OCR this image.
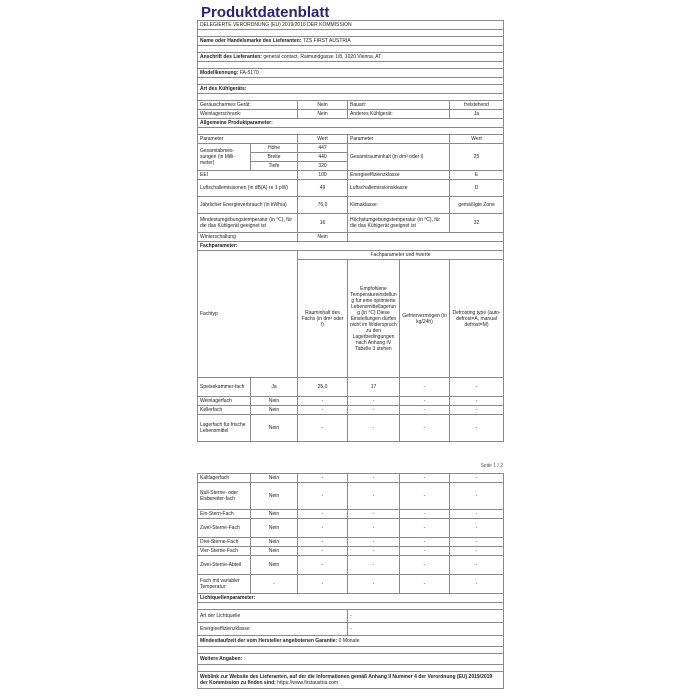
Produktdatenblatt
DELEGIERTE VERORDNUNG (EU) 2019/2016 DER KOMMISSION					

Name oder Handelsmarke des Lieferanten: TZS FIRST AUSTRIA					

Anschrift des Lieferanten: general contact, Raimundgasse 1/8, 1020 Vienna, AT					

Modellkennung: FA-5170					

Art des Kühlgeräts:					

Geräuscharmes Gerät:		Nein	Bauart:		freistehend
Weinlagerschrank:		Nein	Anderes Kühlgerät:		Ja
Allgemeine Produktparameter:					

Parameter		Wert	Parameter		Wert
Gesamtabmes-sungen (in Milli-meter)	Höhe	447	Gesamtrauminhalt (in dm³ oder l)		25
	Breite	440			
	Tiefe	320			
EEI		100	Energieeffizienzklasse		E
Luftschallemissionen (in dB(A) re 1 pW)		49	Luftschallemissionsklasse		D
Jährlicher Energieverbrauch (in kWh/a)		76,0	Klimaklasse:		gemäßigte Zone
Mindestumgebungstemperatur (in °C), für die das Kühlgerät geeignet ist		16	Höchstumgebungstemperatur (in °C), für die das Kühlgerät geeignet ist		32
Winterschaltung		Nein			
Fachparameter:					
Fachtyp		Fachparameter und #werte			
		Rauminhalt des Fachs (in dm³ oder l)	Empfohlene Temperatureinstellung für eine optimierte Lebensmittellagerung (in °C) Diese Einstellungen dürfen nicht im Widerspruch zu den Lagerbedingungen nach Anhang IV Tabelle 3 stehen	Gefriervermögen (in kg/24h)	Defrosting type (auto-defrost=A, manual defrost=M)
Speisekammer-fach	Ja	25,0	17	-	-
Weinlagerfach	Nein	-	-	-	-
Kellerfach	Nein	-	-	-	-
Lagerfach für frische Lebensmittel	Nein	-	-	-	-
Seite 1 / 2
Kaltlagerfach	Nein	-	-	-	-
Null-Sterne- oder Eisbereiter-fach	Nein	-	-	-	-
Ein-Stern-Fach	Nein	-	-	-	-
Zwei-Sterne-Fach	Nein	-	-	-	-
Drei-Sterne-Fach	Nein	-	-	-	-
Vier-Sterne-Fach	Nein	-	-	-	-
Zwei-Sterne-Abteil	Nein	-	-	-	-
Fach mit variabler Temperatur	-	-	-	-	-
Lichtquellenparameter:					

Art der Lichtquelle			-		
Energieeffizienzklasse			-		
Mindestlaufzeit der vom Hersteller angebotenen Garantie: 0 Monate					

Weitere Angaben:					

Weblink zur Website des Lieferanten, auf der die Informationen gemäß Anhang II Nummer 4 der Verordnung (EU) 2019/2019 der Kommission zu finden sind: https://www.firstaustria.com					
